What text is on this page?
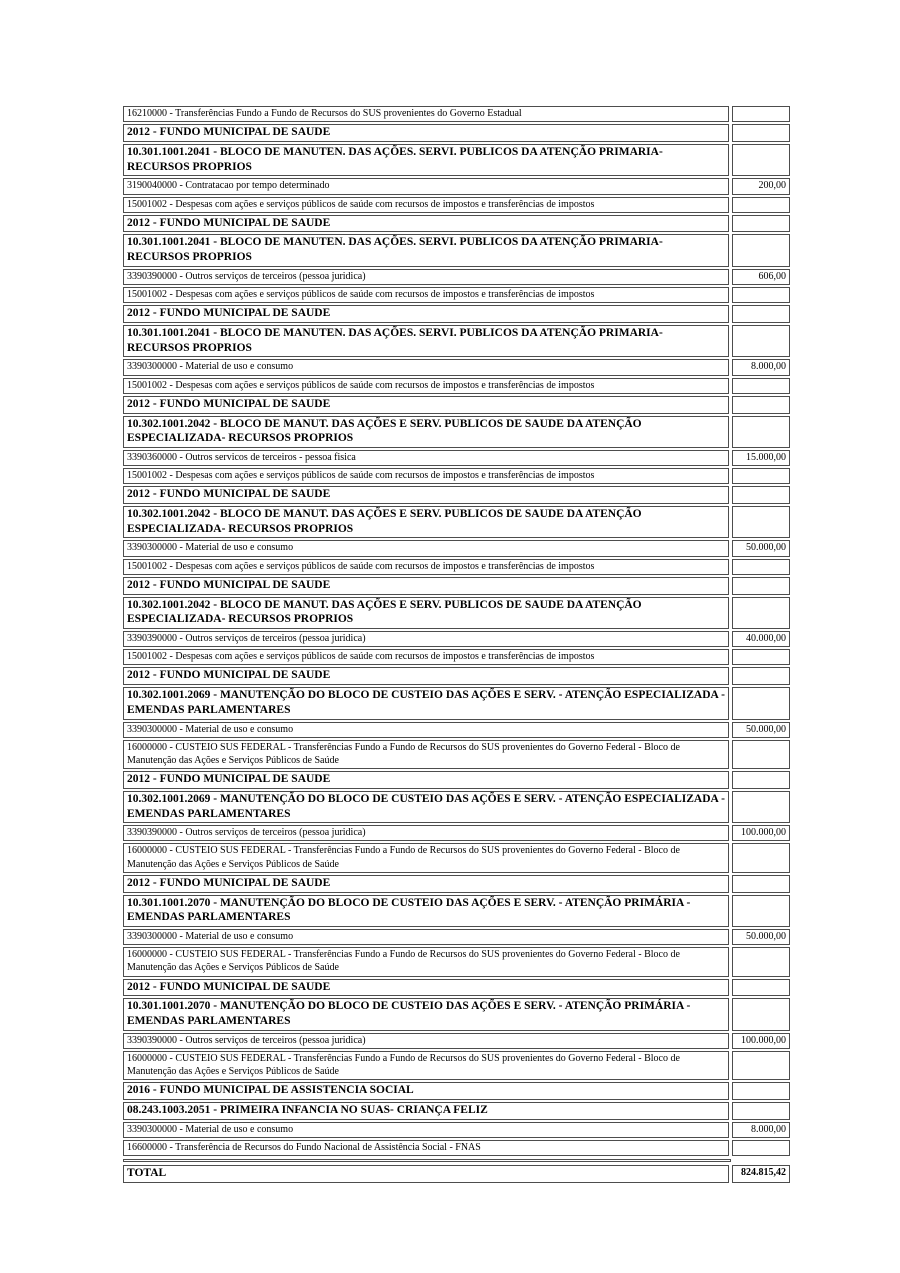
16210000 - Transferências Fundo a Fundo de Recursos do SUS provenientes do Governo Estadual	
2012 - FUNDO MUNICIPAL DE SAUDE	
10.301.1001.2041 - BLOCO DE MANUTEN. DAS AÇÕES. SERVI. PUBLICOS DA ATENÇÃO PRIMARIA- RECURSOS PROPRIOS	
3190040000 - Contratacao por tempo determinado	200,00
15001002 - Despesas com ações e serviços públicos de saúde com recursos de impostos e transferências de impostos	
2012 - FUNDO MUNICIPAL DE SAUDE	
10.301.1001.2041 - BLOCO DE MANUTEN. DAS AÇÕES. SERVI. PUBLICOS DA ATENÇÃO PRIMARIA- RECURSOS PROPRIOS	
3390390000 - Outros serviços de terceiros (pessoa juridica)	606,00
15001002 - Despesas com ações e serviços públicos de saúde com recursos de impostos e transferências de impostos	
2012 - FUNDO MUNICIPAL DE SAUDE	
10.301.1001.2041 - BLOCO DE MANUTEN. DAS AÇÕES. SERVI. PUBLICOS DA ATENÇÃO PRIMARIA- RECURSOS PROPRIOS	
3390300000 - Material de uso e consumo	8.000,00
15001002 - Despesas com ações e serviços públicos de saúde com recursos de impostos e transferências de impostos	
2012 - FUNDO MUNICIPAL DE SAUDE	
10.302.1001.2042 - BLOCO DE MANUT. DAS AÇÕES E SERV. PUBLICOS DE SAUDE DA ATENÇÃO ESPECIALIZADA- RECURSOS PROPRIOS	
3390360000 - Outros servicos de terceiros - pessoa fisica	15.000,00
15001002 - Despesas com ações e serviços públicos de saúde com recursos de impostos e transferências de impostos	
2012 - FUNDO MUNICIPAL DE SAUDE	
10.302.1001.2042 - BLOCO DE MANUT. DAS AÇÕES E SERV. PUBLICOS DE SAUDE DA ATENÇÃO ESPECIALIZADA- RECURSOS PROPRIOS	
3390300000 - Material de uso e consumo	50.000,00
15001002 - Despesas com ações e serviços públicos de saúde com recursos de impostos e transferências de impostos	
2012 - FUNDO MUNICIPAL DE SAUDE	
10.302.1001.2042 - BLOCO DE MANUT. DAS AÇÕES E SERV. PUBLICOS DE SAUDE DA ATENÇÃO ESPECIALIZADA- RECURSOS PROPRIOS	
3390390000 - Outros serviços de terceiros (pessoa juridica)	40.000,00
15001002 - Despesas com ações e serviços públicos de saúde com recursos de impostos e transferências de impostos	
2012 - FUNDO MUNICIPAL DE SAUDE	
10.302.1001.2069 - MANUTENÇÃO DO BLOCO DE CUSTEIO DAS AÇÕES E SERV. - ATENÇÃO ESPECIALIZADA - EMENDAS PARLAMENTARES	
3390300000 - Material de uso e consumo	50.000,00
16000000 - CUSTEIO SUS FEDERAL - Transferências Fundo a Fundo de Recursos do SUS provenientes do Governo Federal - Bloco de Manutenção das Ações e Serviços Públicos de Saúde	
2012 - FUNDO MUNICIPAL DE SAUDE	
10.302.1001.2069 - MANUTENÇÃO DO BLOCO DE CUSTEIO DAS AÇÕES E SERV. - ATENÇÃO ESPECIALIZADA - EMENDAS PARLAMENTARES	
3390390000 - Outros serviços de terceiros (pessoa juridica)	100.000,00
16000000 - CUSTEIO SUS FEDERAL - Transferências Fundo a Fundo de Recursos do SUS provenientes do Governo Federal - Bloco de Manutenção das Ações e Serviços Públicos de Saúde	
2012 - FUNDO MUNICIPAL DE SAUDE	
10.301.1001.2070 - MANUTENÇÃO DO BLOCO DE CUSTEIO DAS AÇÕES E SERV. - ATENÇÃO PRIMÁRIA - EMENDAS PARLAMENTARES	
3390300000 - Material de uso e consumo	50.000,00
16000000 - CUSTEIO SUS FEDERAL - Transferências Fundo a Fundo de Recursos do SUS provenientes do Governo Federal - Bloco de Manutenção das Ações e Serviços Públicos de Saúde	
2012 - FUNDO MUNICIPAL DE SAUDE	
10.301.1001.2070 - MANUTENÇÃO DO BLOCO DE CUSTEIO DAS AÇÕES E SERV. - ATENÇÃO PRIMÁRIA - EMENDAS PARLAMENTARES	
3390390000 - Outros serviços de terceiros (pessoa juridica)	100.000,00
16000000 - CUSTEIO SUS FEDERAL - Transferências Fundo a Fundo de Recursos do SUS provenientes do Governo Federal - Bloco de Manutenção das Ações e Serviços Públicos de Saúde	
2016 - FUNDO MUNICIPAL DE ASSISTENCIA SOCIAL	
08.243.1003.2051 - PRIMEIRA INFANCIA NO SUAS- CRIANÇA FELIZ	
3390300000 - Material de uso e consumo	8.000,00
16600000 - Transferência de Recursos do Fundo Nacional de Assistência Social - FNAS	
TOTAL	824.815,42
